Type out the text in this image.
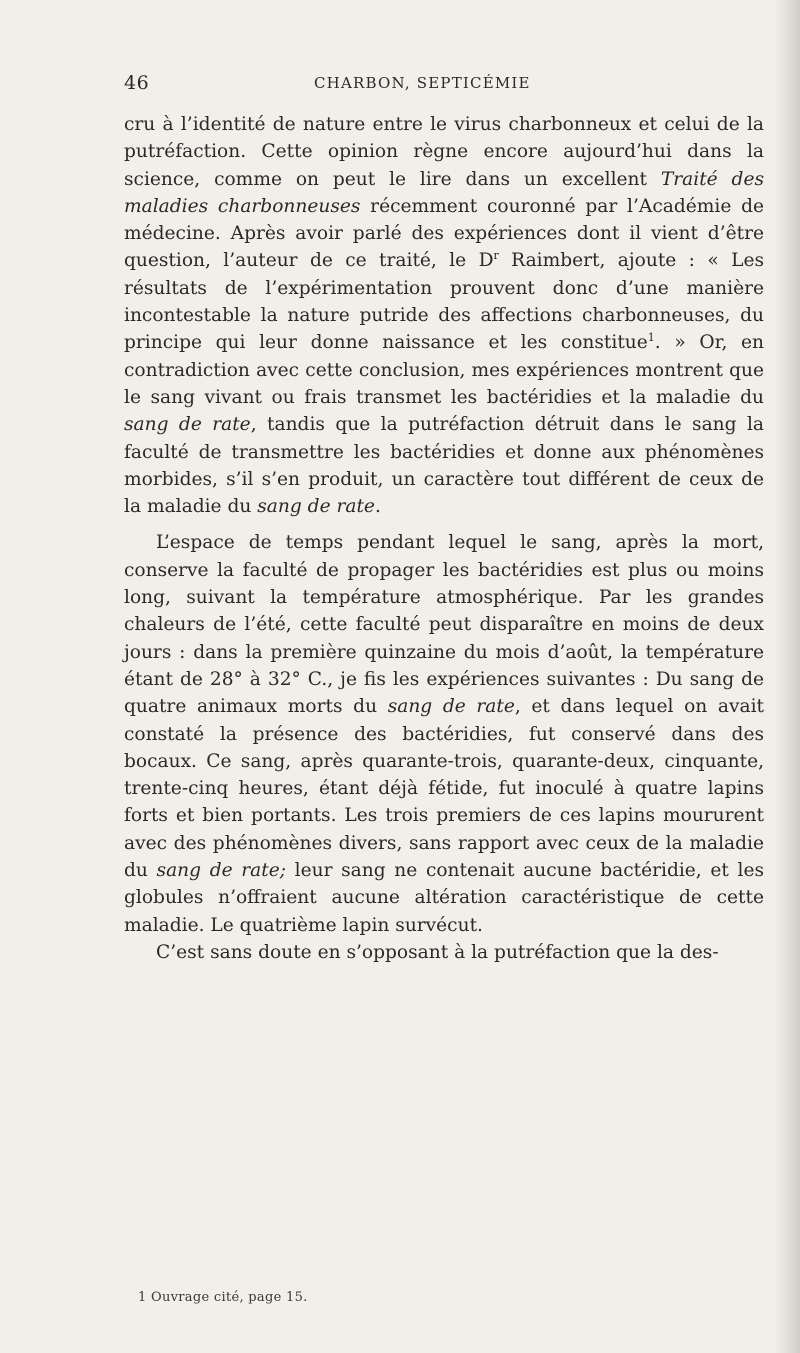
46	CHARBON, SEPTICÉMIE

cru à l’identité de nature entre le virus charbonneux et celui de la putréfaction. Cette opinion règne encore aujourd’hui dans la science, comme on peut le lire dans un excellent Traité des maladies charbonneuses récemment couronné par l’Académie de médecine. Après avoir parlé des expériences dont il vient d’être question, l’auteur de ce traité, le $D^r$ Raimbert, ajoute : « Les résultats de l’expérimentation prouvent donc d’une manière incontestable la nature putride des affections charbonneuses, du principe qui leur donne naissance et les constitue$^1$. » Or, en contradiction avec cette conclusion, mes expériences montrent que le sang vivant ou frais transmet les bactéridies et la maladie du sang de rate, tandis que la putréfaction détruit dans le sang la faculté de transmettre les bactéridies et donne aux phénomènes morbides, s’il s’en produit, un caractère tout différent de ceux de la maladie du sang de rate.

L’espace de temps pendant lequel le sang, après la mort, conserve la faculté de propager les bactéridies est plus ou moins long, suivant la température atmosphérique. Par les grandes chaleurs de l’été, cette faculté peut disparaître en moins de deux jours : dans la première quinzaine du mois d’août, la température étant de 28° à 32° C., je fis les expériences suivantes : Du sang de quatre animaux morts du sang de rate, et dans lequel on avait constaté la présence des bactéridies, fut conservé dans des bocaux. Ce sang, après quarante-trois, quarante-deux, cinquante, trente-cinq heures, étant déjà fétide, fut inoculé à quatre lapins forts et bien portants. Les trois premiers de ces lapins moururent avec des phénomènes divers, sans rapport avec ceux de la maladie du sang de rate; leur sang ne contenait aucune bactéridie, et les globules n’offraient aucune altération caractéristique de cette maladie. Le quatrième lapin survécut.

C’est sans doute en s’opposant à la putréfaction que la des-

1 Ouvrage cité, page 15.
